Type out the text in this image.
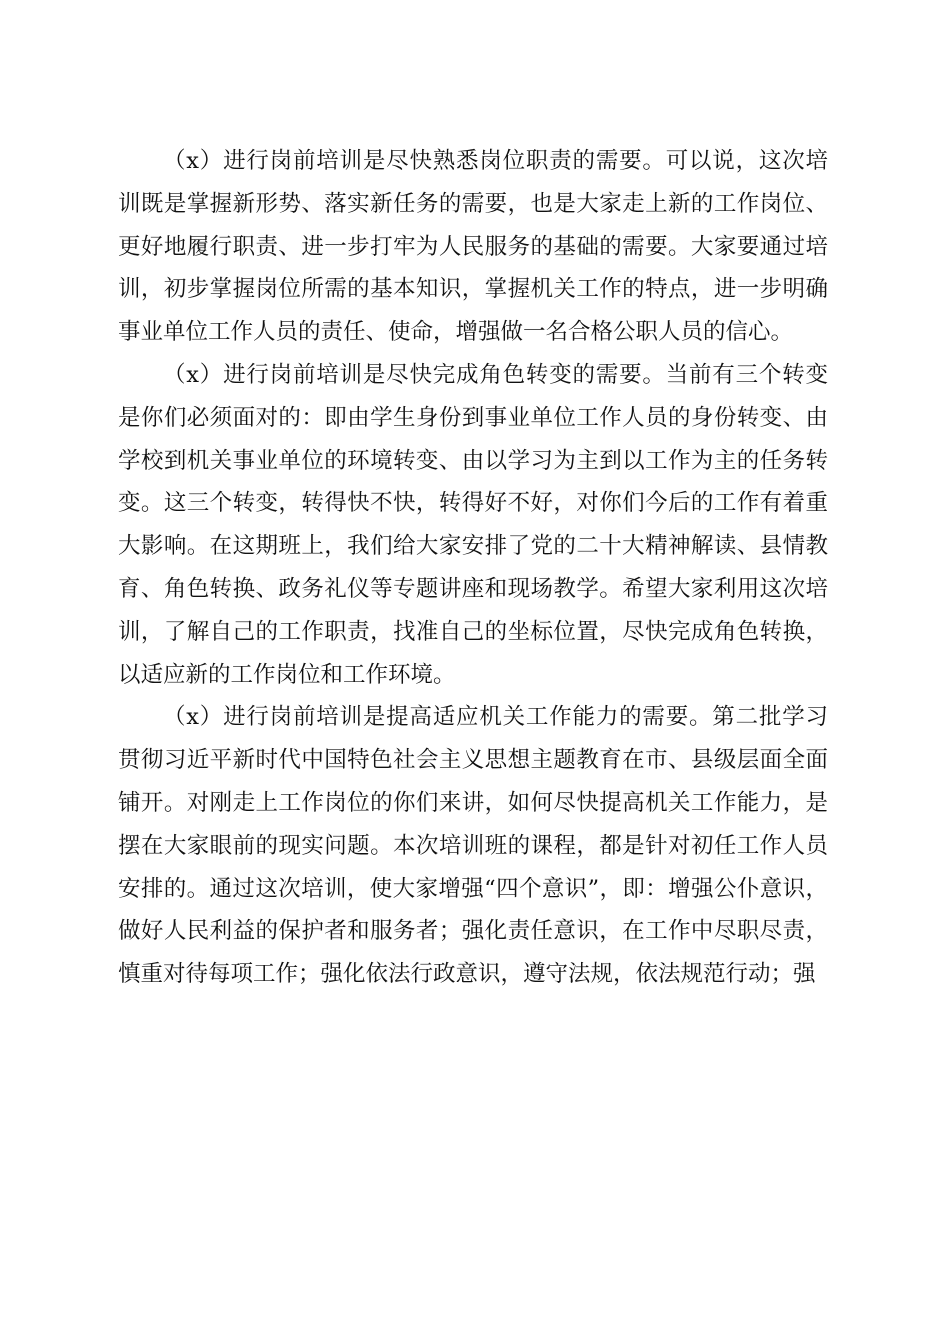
（x）进行岗前培训是尽快熟悉岗位职责的需要。可以说，这次培训既是掌握新形势、落实新任务的需要，也是大家走上新的工作岗位、更好地履行职责、进一步打牢为人民服务的基础的需要。大家要通过培训，初步掌握岗位所需的基本知识，掌握机关工作的特点，进一步明确事业单位工作人员的责任、使命，增强做一名合格公职人员的信心。

（x）进行岗前培训是尽快完成角色转变的需要。当前有三个转变是你们必须面对的：即由学生身份到事业单位工作人员的身份转变、由学校到机关事业单位的环境转变、由以学习为主到以工作为主的任务转变。这三个转变，转得快不快，转得好不好，对你们今后的工作有着重大影响。在这期班上，我们给大家安排了党的二十大精神解读、县情教育、角色转换、政务礼仪等专题讲座和现场教学。希望大家利用这次培训，了解自己的工作职责，找准自己的坐标位置，尽快完成角色转换，以适应新的工作岗位和工作环境。

（x）进行岗前培训是提高适应机关工作能力的需要。第二批学习贯彻习近平新时代中国特色社会主义思想主题教育在市、县级层面全面铺开。对刚走上工作岗位的你们来讲，如何尽快提高机关工作能力，是摆在大家眼前的现实问题。本次培训班的课程，都是针对初任工作人员安排的。通过这次培训，使大家增强“四个意识”，即：增强公仆意识，做好人民利益的保护者和服务者；强化责任意识，在工作中尽职尽责，慎重对待每项工作；强化依法行政意识，遵守法规，依法规范行动；强
